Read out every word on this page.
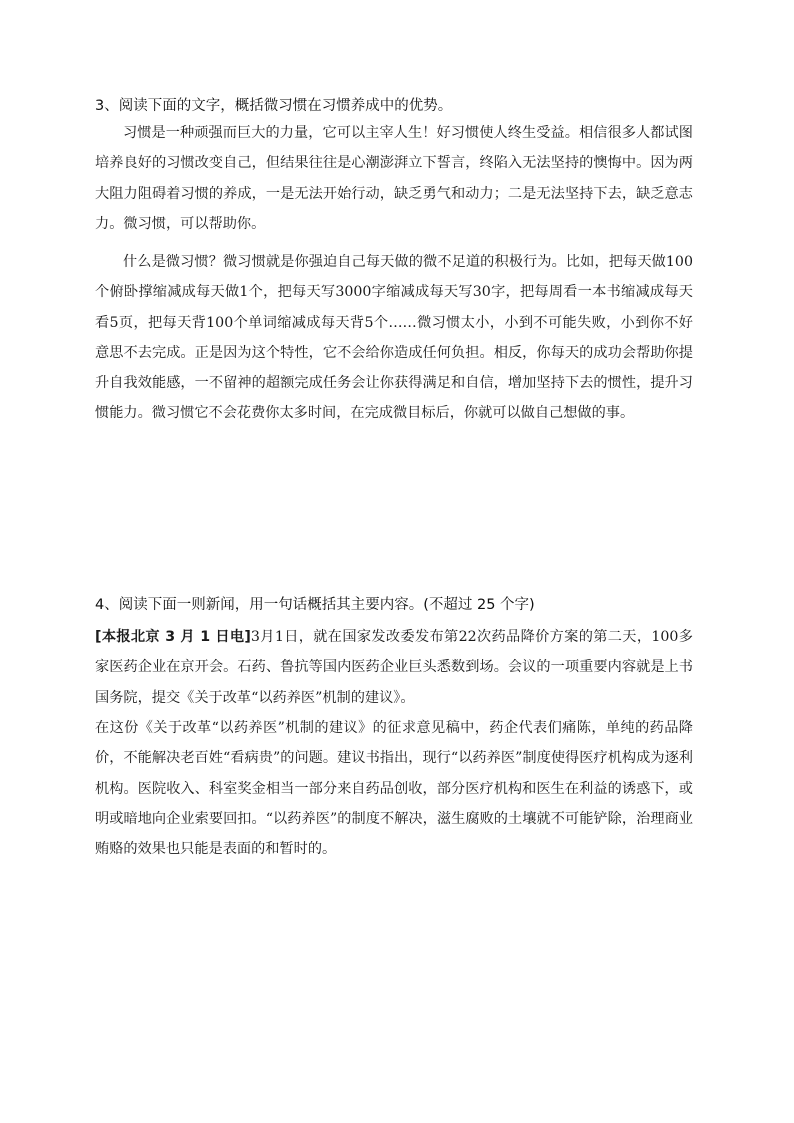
3、阅读下面的文字，概括微习惯在习惯养成中的优势。

习惯是一种顽强而巨大的力量，它可以主宰人生！好习惯使人终生受益。相信很多人都试图培养良好的习惯改变自己，但结果往往是心潮澎湃立下誓言，终陷入无法坚持的懊悔中。因为两大阻力阻碍着习惯的养成，一是无法开始行动，缺乏勇气和动力；二是无法坚持下去，缺乏意志力。微习惯，可以帮助你。

什么是微习惯？微习惯就是你强迫自己每天做的微不足道的积极行为。比如，把每天做100个俯卧撑缩减成每天做1个，把每天写3000字缩减成每天写30字，把每周看一本书缩减成每天看5页，把每天背100个单词缩减成每天背5个……微习惯太小，小到不可能失败，小到你不好意思不去完成。正是因为这个特性，它不会给你造成任何负担。相反，你每天的成功会帮助你提升自我效能感，一不留神的超额完成任务会让你获得满足和自信，增加坚持下去的惯性，提升习惯能力。微习惯它不会花费你太多时间，在完成微目标后，你就可以做自己想做的事。

4、阅读下面一则新闻，用一句话概括其主要内容。(不超过 25 个字)

[本报北京 3 月 1 日电]3月1日，就在国家发改委发布第22次药品降价方案的第二天，100多家医药企业在京开会。石药、鲁抗等国内医药企业巨头悉数到场。会议的一项重要内容就是上书国务院，提交《关于改革“以药养医”机制的建议》。

在这份《关于改革“以药养医”机制的建议》的征求意见稿中，药企代表们痛陈，单纯的药品降价，不能解决老百姓“看病贵”的问题。建议书指出，现行“以药养医”制度使得医疗机构成为逐利机构。医院收入、科室奖金相当一部分来自药品创收，部分医疗机构和医生在利益的诱惑下，或明或暗地向企业索要回扣。“以药养医”的制度不解决，滋生腐败的土壤就不可能铲除，治理商业贿赂的效果也只能是表面的和暂时的。
